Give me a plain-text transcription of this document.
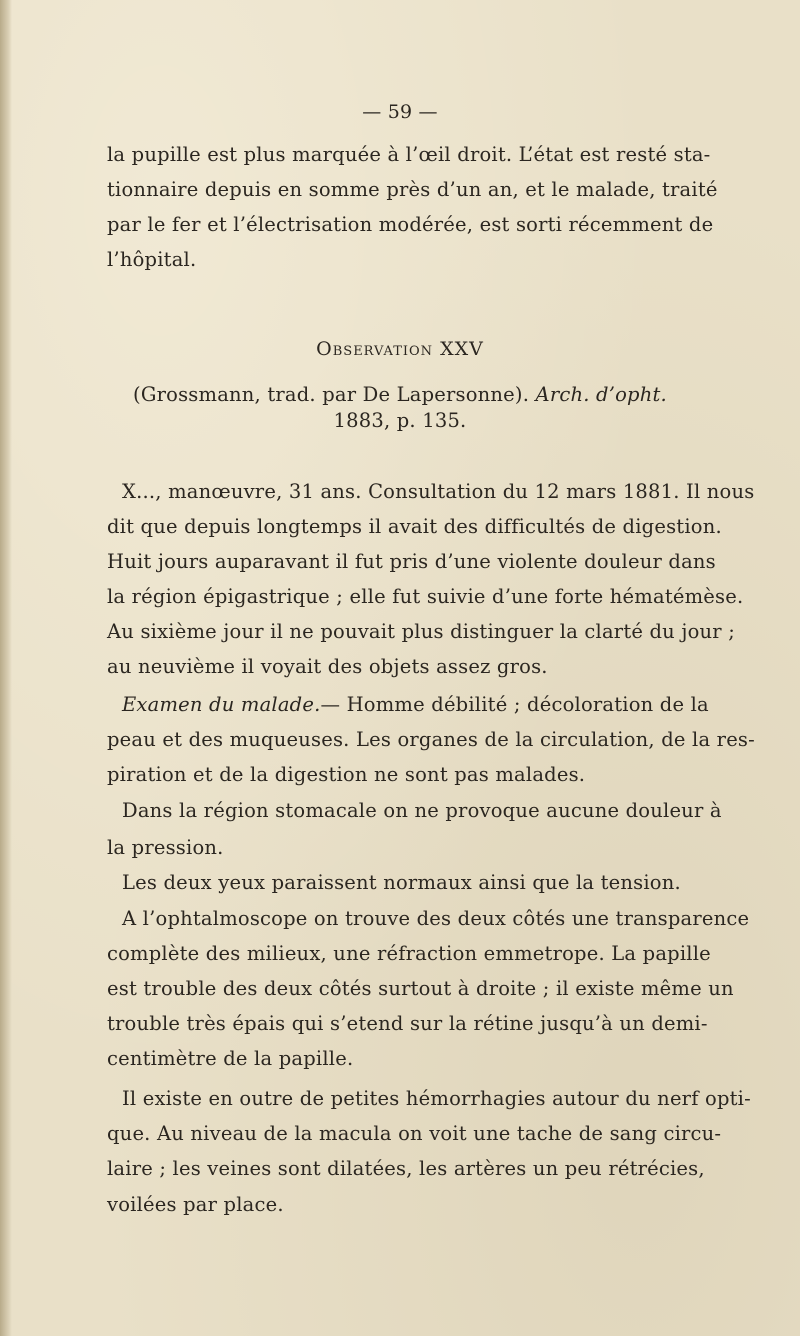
— 59 —
la pupille est plus marquée à l’œil droit. L’état est resté sta-
tionnaire depuis en somme près d’un an, et le malade, traité
par le fer et l’électrisation modérée, est sorti récemment de
l’hôpital.
Observation XXV
(Grossmann, trad. par De Lapersonne). Arch. d’opht.
1883, p. 135.
X..., manœuvre, 31 ans. Consultation du 12 mars 1881. Il nous
dit que depuis longtemps il avait des difficultés de digestion.
Huit jours auparavant il fut pris d’une violente douleur dans
la région épigastrique ; elle fut suivie d’une forte hématémèse.
Au sixième jour il ne pouvait plus distinguer la clarté du jour ;
au neuvième il voyait des objets assez gros.
Examen du malade. — Homme débilité ; décoloration de la
peau et des muqueuses. Les organes de la circulation, de la res-
piration et de la digestion ne sont pas malades.
Dans la région stomacale on ne provoque aucune douleur à
la pression.
Les deux yeux paraissent normaux ainsi que la tension.
A l’ophtalmoscope on trouve des deux côtés une transparence
complète des milieux, une réfraction emmetrope. La papille
est trouble des deux côtés surtout à droite ; il existe même un
trouble très épais qui s’etend sur la rétine jusqu’à un demi-
centimètre de la papille.
Il existe en outre de petites hémorrhagies autour du nerf opti-
que. Au niveau de la macula on voit une tache de sang circu-
laire ; les veines sont dilatées, les artères un peu rétrécies,
voilées par place.
